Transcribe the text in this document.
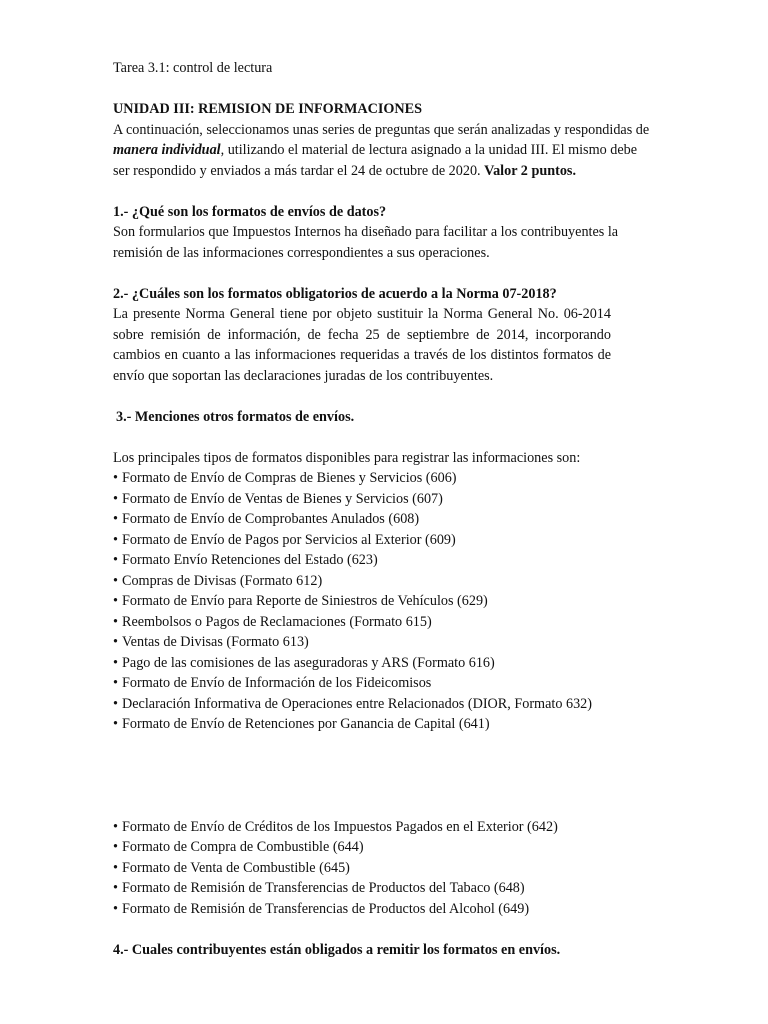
Tarea 3.1: control de lectura

UNIDAD III: REMISION DE INFORMACIONES

A continuación, seleccionamos unas series de preguntas que serán analizadas y respondidas de manera individual, utilizando el material de lectura asignado a la unidad III. El mismo debe ser respondido y enviados a más tardar el 24 de octubre de 2020. Valor 2 puntos.

1.- ¿Qué son los formatos de envíos de datos?

Son formularios que Impuestos Internos ha diseñado para facilitar a los contribuyentes la remisión de las informaciones correspondientes a sus operaciones.

2.- ¿Cuáles son los formatos obligatorios de acuerdo a la Norma 07-2018?

La presente Norma General tiene por objeto sustituir la Norma General No. 06-2014 sobre remisión de información, de fecha 25 de septiembre de 2014, incorporando cambios en cuanto a las informaciones requeridas a través de los distintos formatos de envío que soportan las declaraciones juradas de los contribuyentes.

3.- Menciones otros formatos de envíos.

Los principales tipos de formatos disponibles para registrar las informaciones son:

• Formato de Envío de Compras de Bienes y Servicios (606)
• Formato de Envío de Ventas de Bienes y Servicios (607)
• Formato de Envío de Comprobantes Anulados (608)
• Formato de Envío de Pagos por Servicios al Exterior (609)
• Formato Envío Retenciones del Estado (623)
• Compras de Divisas (Formato 612)
• Formato de Envío para Reporte de Siniestros de Vehículos (629)
• Reembolsos o Pagos de Reclamaciones (Formato 615)
• Ventas de Divisas (Formato 613)
• Pago de las comisiones de las aseguradoras y ARS (Formato 616)
• Formato de Envío de Información de los Fideicomisos
• Declaración Informativa de Operaciones entre Relacionados (DIOR, Formato 632)
• Formato de Envío de Retenciones por Ganancia de Capital (641)
• Formato de Envío de Créditos de los Impuestos Pagados en el Exterior (642)
• Formato de Compra de Combustible (644)
• Formato de Venta de Combustible (645)
• Formato de Remisión de Transferencias de Productos del Tabaco (648)
• Formato de Remisión de Transferencias de Productos del Alcohol (649)

4.- Cuales contribuyentes están obligados a remitir los formatos en envíos.
